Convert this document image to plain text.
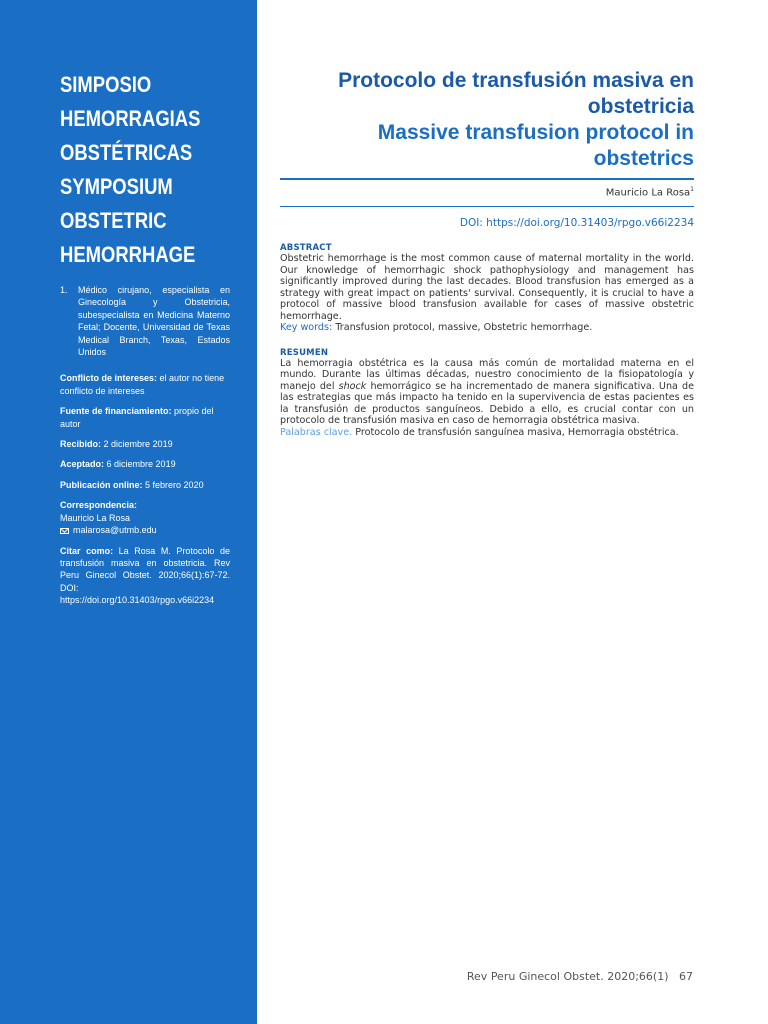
SIMPOSIO
HEMORRAGIAS
OBSTÉTRICAS
SYMPOSIUM
OBSTETRIC
HEMORRHAGE
1.	Médico cirujano, especialista en Ginecología y Obstetricia, subespecialista en Medicina Materno Fetal; Docente, Universidad de Texas Medical Branch, Texas, Estados Unidos
Conflicto de intereses: el autor no tiene conflicto de intereses
Fuente de financiamiento: propio del autor
Recibido: 2 diciembre 2019
Aceptado: 6 diciembre 2019
Publicación online: 5 febrero 2020
Correspondencia:
Mauricio La Rosa
malarosa@utmb.edu
Citar como: La Rosa M. Protocolo de transfusión masiva en obstetricia. Rev Peru Ginecol Obstet. 2020;66(1):67-72. DOI: https://doi.org/10.31403/rpgo.v66i2234
Protocolo de transfusión masiva en
obstetricia
Massive transfusion protocol in
obstetrics
Mauricio La Rosa$^1$
DOI: https://doi.org/10.31403/rpgo.v66i2234
ABSTRACT

Obstetric hemorrhage is the most common cause of maternal mortality in the world. Our knowledge of hemorrhagic shock pathophysiology and management has significantly improved during the last decades. Blood transfusion has emerged as a strategy with great impact on patients' survival. Consequently, it is crucial to have a protocol of massive blood transfusion available for cases of massive obstetric hemorrhage.

Key words: Transfusion protocol, massive, Obstetric hemorrhage.

RESUMEN

La hemorragia obstétrica es la causa más común de mortalidad materna en el mundo. Durante las últimas décadas, nuestro conocimiento de la fisiopatología y manejo del shock hemorrágico se ha incrementado de manera significativa. Una de las estrategias que más impacto ha tenido en la supervivencia de estas pacientes es la transfusión de productos sanguíneos. Debido a ello, es crucial contar con un protocolo de transfusión masiva en caso de hemorragia obstétrica masiva.

Palabras clave. Protocolo de transfusión sanguínea masiva, Hemorragia obstétrica.

Rev Peru Ginecol Obstet. 2020;66(1) 67
